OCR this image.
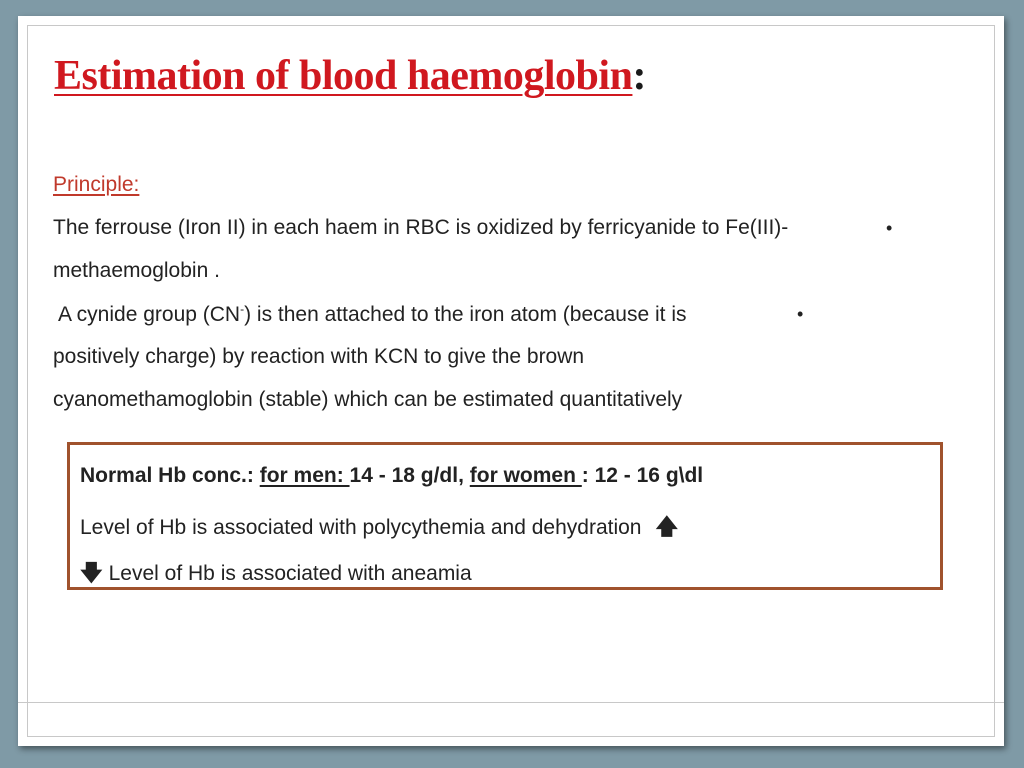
Estimation of blood haemoglobin:
Principle:
The ferrouse (Iron II) in each haem in RBC is oxidized by ferricyanide to Fe(III)-	•
methaemoglobin .
A cynide group (CN-) is then attached to the iron atom (because it is	•
positively charge) by reaction with KCN to give the brown
cyanomethamoglobin (stable) which can be estimated quantitatively
Normal Hb conc.: for men: 14 - 18 g/dl, for women : 12 - 16 g\dl
Level of Hb is associated with polycythemia and dehydration 🡅
🡇 Level of Hb is associated with aneamia
